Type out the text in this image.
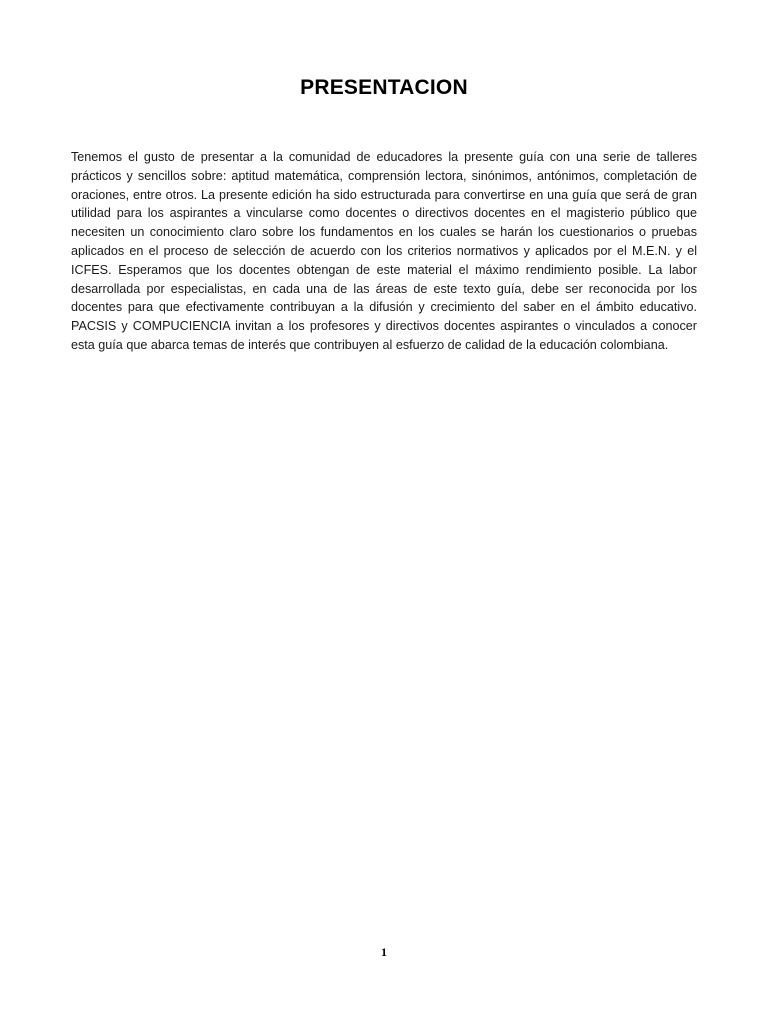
PRESENTACION

Tenemos el gusto de presentar a la comunidad de educadores la presente guía con una serie de talleres prácticos y sencillos sobre: aptitud matemática, comprensión lectora, sinónimos, antónimos, completación de oraciones, entre otros. La presente edición ha sido estructurada para convertirse en una guía que será de gran utilidad para los aspirantes a vincularse como docentes o directivos docentes en el magisterio público que necesiten un conocimiento claro sobre los fundamentos en los cuales se harán los cuestionarios o pruebas aplicados en el proceso de selección de acuerdo con los criterios normativos y aplicados por el M.E.N. y el ICFES. Esperamos que los docentes obtengan de este material el máximo rendimiento posible. La labor desarrollada por especialistas, en cada una de las áreas de este texto guía, debe ser reconocida por los docentes para que efectivamente contribuyan a la difusión y crecimiento del saber en el ámbito educativo. PACSIS y COMPUCIENCIA invitan a los profesores y directivos docentes aspirantes o vinculados a conocer esta guía que abarca temas de interés que contribuyen al esfuerzo de calidad de la educación colombiana.

1
